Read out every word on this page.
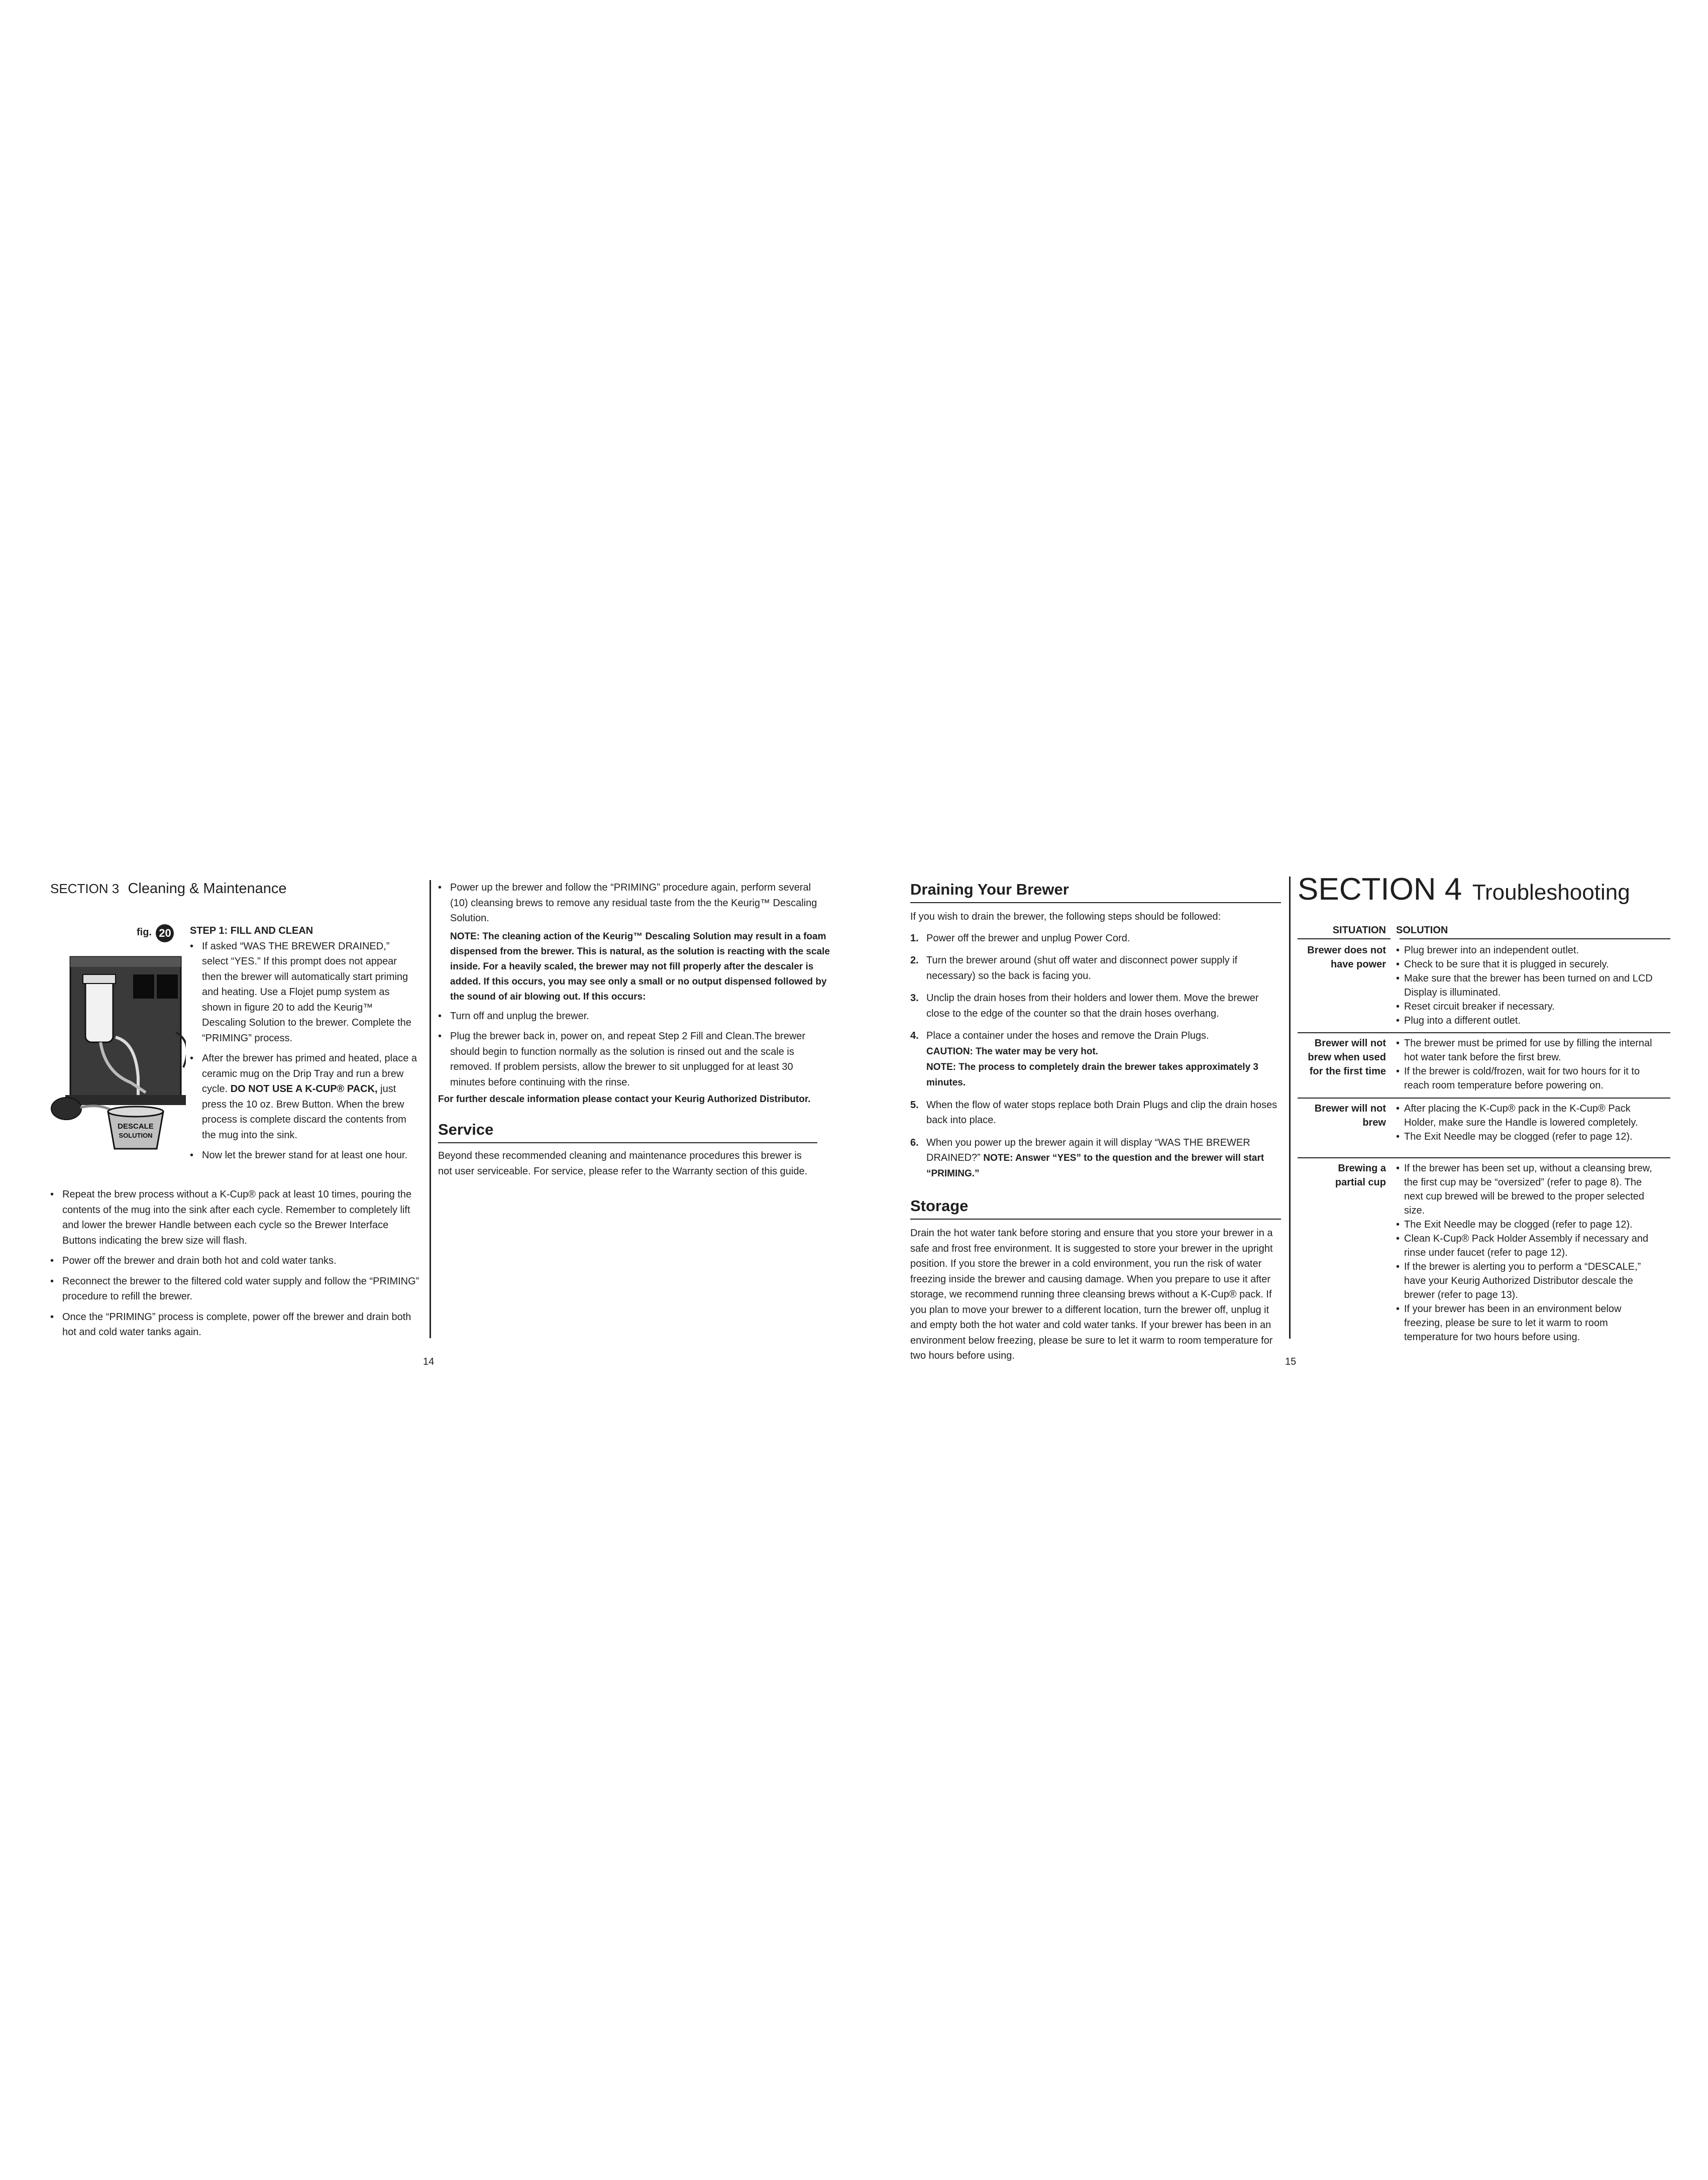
SECTION 3 Cleaning & Maintenance
fig. 20
DESCALE
SOLUTION
STEP 1: FILL AND CLEAN
• If asked “WAS THE BREWER DRAINED,” select “YES.” If this prompt does not appear then the brewer will automatically start priming and heating. Use a Flojet pump system as shown in figure 20 to add the Keurig™ Descaling Solution to the brewer. Complete the “PRIMING” process.
• After the brewer has primed and heated, place a ceramic mug on the Drip Tray and run a brew cycle. DO NOT USE A K-CUP® PACK, just press the 10 oz. Brew Button. When the brew process is complete discard the contents from the mug into the sink.
• Now let the brewer stand for at least one hour.
• Repeat the brew process without a K-Cup® pack at least 10 times, pouring the contents of the mug into the sink after each cycle. Remember to completely lift and lower the brewer Handle between each cycle so the Brewer Interface Buttons indicating the brew size will flash.
• Power off the brewer and drain both hot and cold water tanks.
• Reconnect the brewer to the filtered cold water supply and follow the “PRIMING” procedure to refill the brewer.
• Once the “PRIMING” process is complete, power off the brewer and drain both hot and cold water tanks again.
• Power up the brewer and follow the “PRIMING” procedure again, perform several (10) cleansing brews to remove any residual taste from the the Keurig™ Descaling Solution.
NOTE: The cleaning action of the Keurig™ Descaling Solution may result in a foam dispensed from the brewer. This is natural, as the solution is reacting with the scale inside. For a heavily scaled, the brewer may not fill properly after the descaler is added. If this occurs, you may see only a small or no output dispensed followed by the sound of air blowing out. If this occurs:
• Turn off and unplug the brewer.
• Plug the brewer back in, power on, and repeat Step 2 Fill and Clean.The brewer should begin to function normally as the solution is rinsed out and the scale is removed. If problem persists, allow the brewer to sit unplugged for at least 30 minutes before continuing with the rinse.
For further descale information please contact your Keurig Authorized Distributor.
Service
Beyond these recommended cleaning and maintenance procedures this brewer is not user serviceable. For service, please refer to the Warranty section of this guide.
14
Draining Your Brewer
If you wish to drain the brewer, the following steps should be followed:
1. Power off the brewer and unplug Power Cord.
2. Turn the brewer around (shut off water and disconnect power supply if necessary) so the back is facing you.
3. Unclip the drain hoses from their holders and lower them. Move the brewer close to the edge of the counter so that the drain hoses overhang.
4. Place a container under the hoses and remove the Drain Plugs.
CAUTION: The water may be very hot.
NOTE: The process to completely drain the brewer takes approximately 3 minutes.
5. When the flow of water stops replace both Drain Plugs and clip the drain hoses back into place.
6. When you power up the brewer again it will display “WAS THE BREWER DRAINED?” NOTE: Answer “YES” to the question and the brewer will start “PRIMING.”
Storage
Drain the hot water tank before storing and ensure that you store your brewer in a safe and frost free environment. It is suggested to store your brewer in the upright position. If you store the brewer in a cold environment, you run the risk of water freezing inside the brewer and causing damage. When you prepare to use it after storage, we recommend running three cleansing brews without a K-Cup® pack. If you plan to move your brewer to a different location, turn the brewer off, unplug it and empty both the hot water and cold water tanks. If your brewer has been in an environment below freezing, please be sure to let it warm to room temperature for two hours before using.
15
SECTION 4 Troubleshooting
SITUATION SOLUTION
Brewer does not have power
• Plug brewer into an independent outlet.
• Check to be sure that it is plugged in securely.
• Make sure that the brewer has been turned on and LCD Display is illuminated.
• Reset circuit breaker if necessary.
• Plug into a different outlet.
Brewer will not brew when used for the first time
• The brewer must be primed for use by filling the internal hot water tank before the first brew.
• If the brewer is cold/frozen, wait for two hours for it to reach room temperature before powering on.
Brewer will not brew
• After placing the K-Cup® pack in the K-Cup® Pack Holder, make sure the Handle is lowered completely.
• The Exit Needle may be clogged (refer to page 12).
Brewing a partial cup
• If the brewer has been set up, without a cleansing brew, the first cup may be “oversized” (refer to page 8). The next cup brewed will be brewed to the proper selected size.
• The Exit Needle may be clogged (refer to page 12).
• Clean K-Cup® Pack Holder Assembly if necessary and rinse under faucet (refer to page 12).
• If the brewer is alerting you to perform a “DESCALE,” have your Keurig Authorized Distributor descale the brewer (refer to page 13).
• If your brewer has been in an environment below freezing, please be sure to let it warm to room temperature for two hours before using.
